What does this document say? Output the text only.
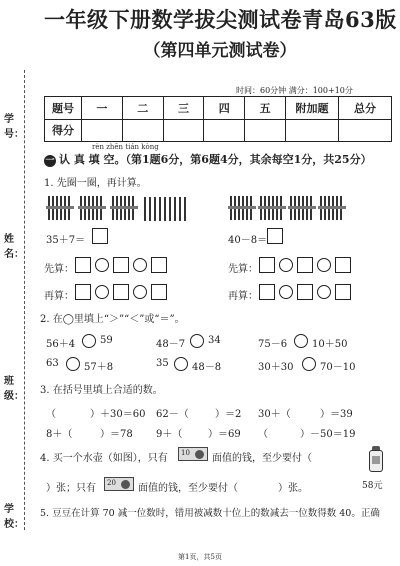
一年级下册数学拔尖测试卷青岛63版
（第四单元测试卷）
时间：60分钟 满分：100+10分
题号	一	二	三	四	五	附加题	总分
得分							
学号：
姓名：
班级：
学校：
rèn zhēn tián kòng
一 认 真 填 空。（第1题6分，第6题4分，其余每空1分，共25分）
1. 先圈一圈，再计算。
35＋7＝	40－8＝
先算：	先算：
再算：	再算：
2. 在◯里填上“＞”“＜”或“＝”。
56＋4 59	48－7 34	75－6 10＋50
63	57＋8	35 48－8	30＋30	70－10
3. 在括号里填上合适的数。
（	）＋30＝60 62－（	）＝2 30＋（	）＝39
8＋（	）＝78 9＋（	）＝69 （	）－50＝19
4. 买一个水壶（如图），只有 10 面值的钱，至少要付（
）张；只有 20 面值的钱，至少要付（	）张。	58元
5. 豆豆在计算 70 减一位数时，错用被减数十位上的数减去一位数得数 40。正确
第1页，共5页
